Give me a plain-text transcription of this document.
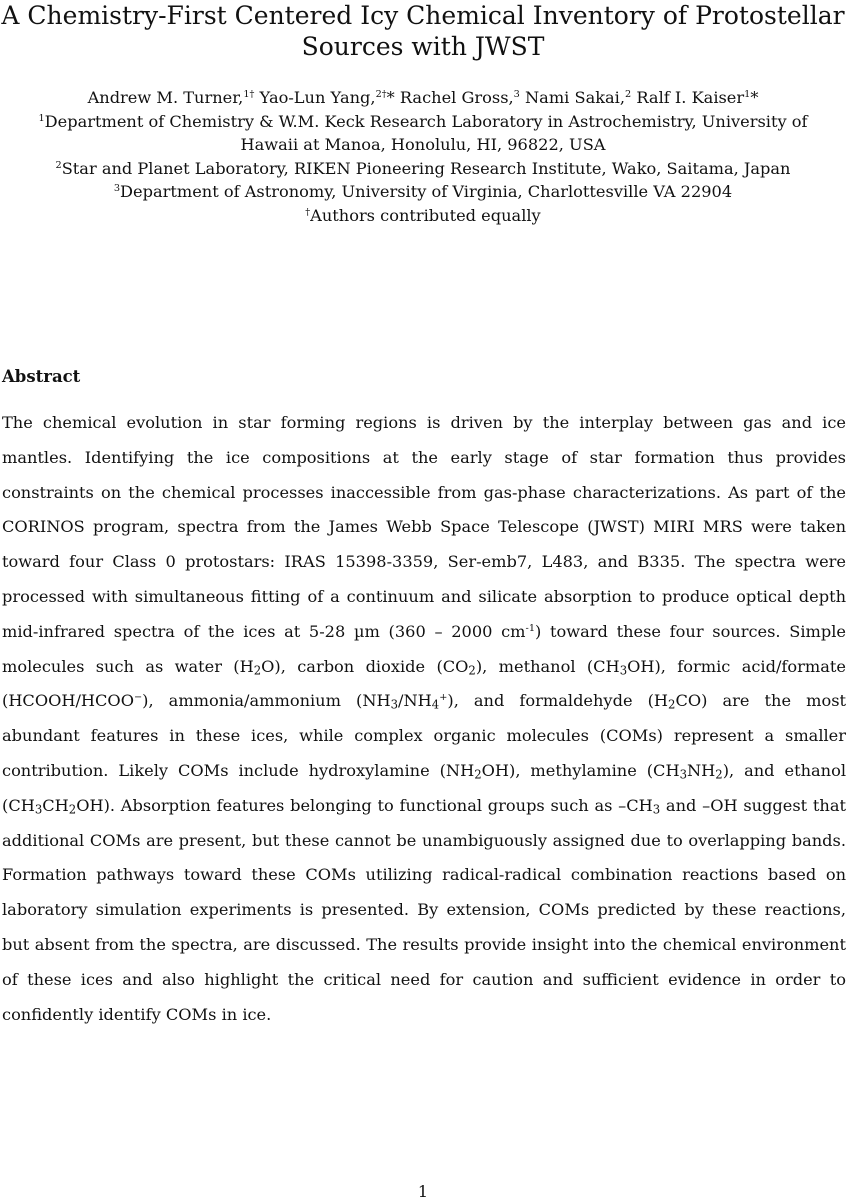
A Chemistry-First Centered Icy Chemical Inventory of Protostellar
Sources with JWST
Andrew M. Turner,$^{1\dagger}$ Yao-Lun Yang,$^{2\dagger}$* Rachel Gross,$^3$ Nami Sakai,$^2$ Ralf I. Kaiser$^1$*
$^1$Department of Chemistry & W.M. Keck Research Laboratory in Astrochemistry, University of
Hawaii at Manoa, Honolulu, HI, 96822, USA
$^2$Star and Planet Laboratory, RIKEN Pioneering Research Institute, Wako, Saitama, Japan
$^3$Department of Astronomy, University of Virginia, Charlottesville VA 22904
†Authors contributed equally
Abstract

The chemical evolution in star forming regions is driven by the interplay between gas and ice
mantles. Identifying the ice compositions at the early stage of star formation thus provides
constraints on the chemical processes inaccessible from gas-phase characterizations. As part of the
CORINOS program, spectra from the James Webb Space Telescope (JWST) MIRI MRS were taken
toward four Class 0 protostars: IRAS 15398-3359, Ser-emb7, L483, and B335. The spectra were
processed with simultaneous fitting of a continuum and silicate absorption to produce optical depth
mid-infrared spectra of the ices at 5-28 µm (360 – 2000 $cm^{-1}$) toward these four sources. Simple
molecules such as water $(H_2O)$, carbon dioxide $(CO_2)$, methanol $(CH_3OH)$, formic acid/formate
(HCOOH/HCOO−), ammonia/ammonium $(NH_3/NH_4^+)$, and formaldehyde $(H_2CO)$ are the most
abundant features in these ices, while complex organic molecules (COMs) represent a smaller
contribution. Likely COMs include hydroxylamine $(NH_2OH)$, methylamine $(CH_3NH_2)$, and ethanol
$(CH_3CH_2OH)$. Absorption features belonging to functional groups such as $-CH_3$ and –OH suggest that
additional COMs are present, but these cannot be unambiguously assigned due to overlapping bands.
Formation pathways toward these COMs utilizing radical-radical combination reactions based on
laboratory simulation experiments is presented. By extension, COMs predicted by these reactions,
but absent from the spectra, are discussed. The results provide insight into the chemical environment
of these ices and also highlight the critical need for caution and sufficient evidence in order to
confidently identify COMs in ice.

1
